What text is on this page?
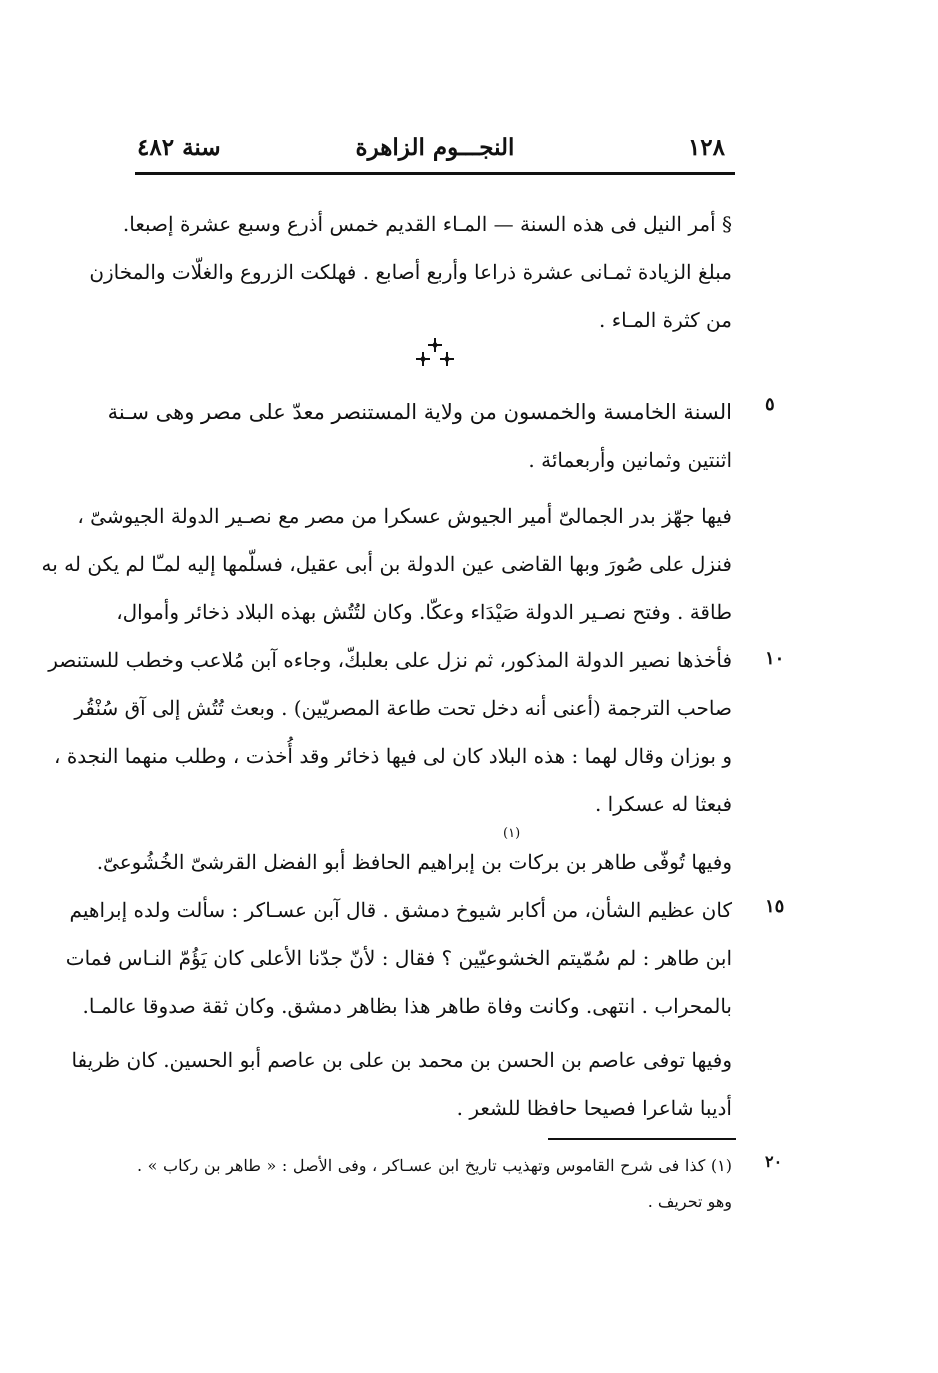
١٢٨
النجـــوم الزاهرة
سنة ٤٨٢
§ أمر النيل فى هذه السنة — المـاء القديم خمس أذرع وسبع عشرة إصبعا.
مبلغ الزيادة ثمـانى عشرة ذراعا وأربع أصابع . فهلكت الزروع والغلّات والمخازن
من كثرة المـاء .
٥
السنة الخامسة والخمسون من ولاية المستنصر معدّ على مصر وهى سـنة
اثنتين وثمانين وأربعمائة .
فيها جهّز بدر الجمالىّ أمير الجيوش عسكرا من مصر مع نصـير الدولة الجيوشىّ ،
فنزل على صُورَ وبها القاضى عين الدولة بن أبى عقيل، فسلّمها إليه لمـّا لم يكن له به
طاقة . وفتح نصـير الدولة صَيْدَاء وعكّا. وكان لتُتُش بهذه البلاد ذخائر وأموال،
فأخذها نصير الدولة المذكور، ثم نزل على بعلبكّ، وجاءه آبن مُلاعب وخطب للستنصر
صاحب الترجمة (أعنى أنه دخل تحت طاعة المصريّين) . وبعث تُتُش إلى آق سُنْقُر
و بوزان وقال لهما : هذه البلاد كان لى فيها ذخائر وقد أُخذت ، وطلب منهما النجدة ،
فبعثا له عسكرا .
١٠
وفيها تُوفّى طاهر بن بركات بن إبراهيم الحافظ أبو الفضل القرشىّ الخُشُوعىّ.
كان عظيم الشأن، من أكابر شيوخ دمشق . قال آبن عسـاكر : سألت ولده إبراهيم
ابن طاهر : لم سُمّيتم الخشوعيّين ؟ فقال : لأنّ جدّنا الأعلى كان يَؤُمّ النـاس فمات
بالمحراب . انتهى. وكانت وفاة طاهر هذا بظاهر دمشق. وكان ثقة صدوقا عالمـا.
(١)
١٥
وفيها توفى عاصم بن الحسن بن محمد بن على بن عاصم أبو الحسين. كان ظريفا
أديبا شاعرا فصيحا حافظا للشعر .
٢٠
(١) كذا فى شرح القاموس وتهذيب تاريخ ابن عسـاكر ، وفى الأصل : « طاهر بن ركاب » .
وهو تحريف .
